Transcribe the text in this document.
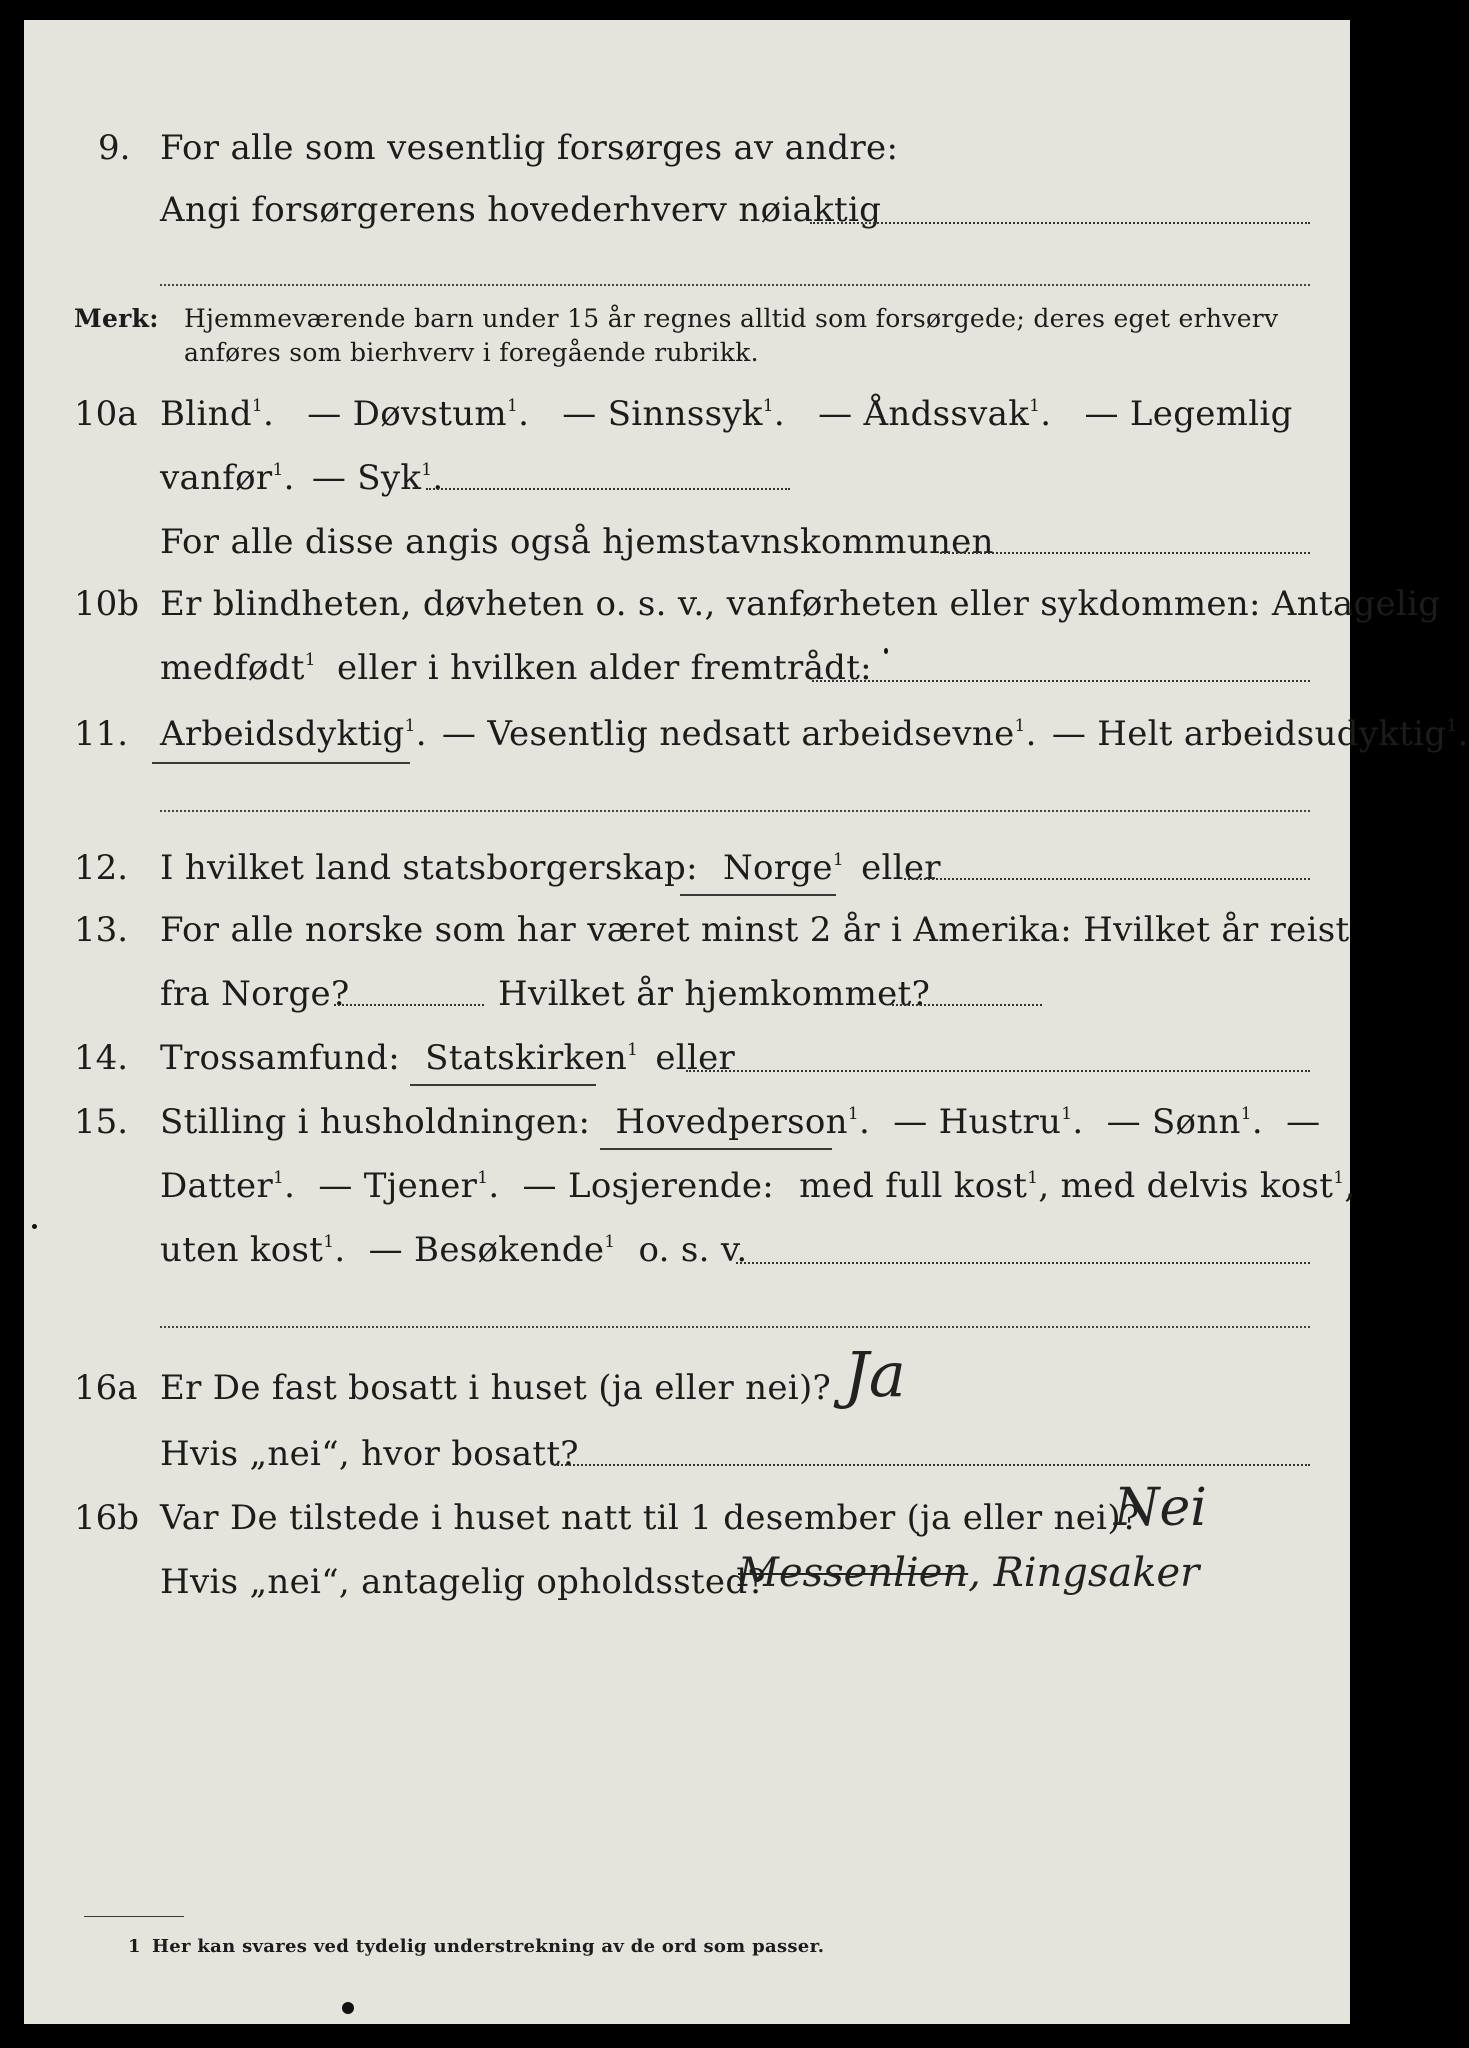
9. For alle som vesentlig forsørges av andre:
Angi forsørgerens hovederhverv nøiaktig
Merk: Hjemmeværende barn under 15 år regnes alltid som forsørgede; deres eget erhverv
anføres som bierhverv i foregående rubrikk.
10a Blind$^1$. — Døvstum$^1$. — Sinnssyk$^1$. — Åndssvak$^1$. — Legemlig
vanfør$^1$. — Syk$^1$.
For alle disse angis også hjemstavnskommunen
10b Er blindheten, døvheten o. s. v., vanførheten eller sykdommen: Antagelig
medfødt$^1$ eller i hvilken alder fremtrådt:
11. Arbeidsdyktig$^1$. — Vesentlig nedsatt arbeidsevne$^1$. — Helt arbeidsudyktig$^1$.
12. I hvilket land statsborgerskap: Norge$^1$ eller
13. For alle norske som har været minst 2 år i Amerika: Hvilket år reist
fra Norge?	Hvilket år hjemkommet?
14. Trossamfund: Statskirken$^1$ eller
15. Stilling i husholdningen: Hovedperson$^1$. — Hustru$^1$. — Sønn$^1$. —
Datter$^1$. — Tjener$^1$. — Losjerende: med full kost$^1$, med delvis kost$^1$,
uten kost$^1$. — Besøkende$^1$ o. s. v.
16a Er De fast bosatt i huset (ja eller nei)? Ja
Hvis „nei“, hvor bosatt?
16b Var De tilstede i huset natt til 1 desember (ja eller nei)?
Nei
Hvis „nei“, antagelig opholdssted?
Messenlien, Ringsaker
1 Her kan svares ved tydelig understrekning av de ord som passer.
